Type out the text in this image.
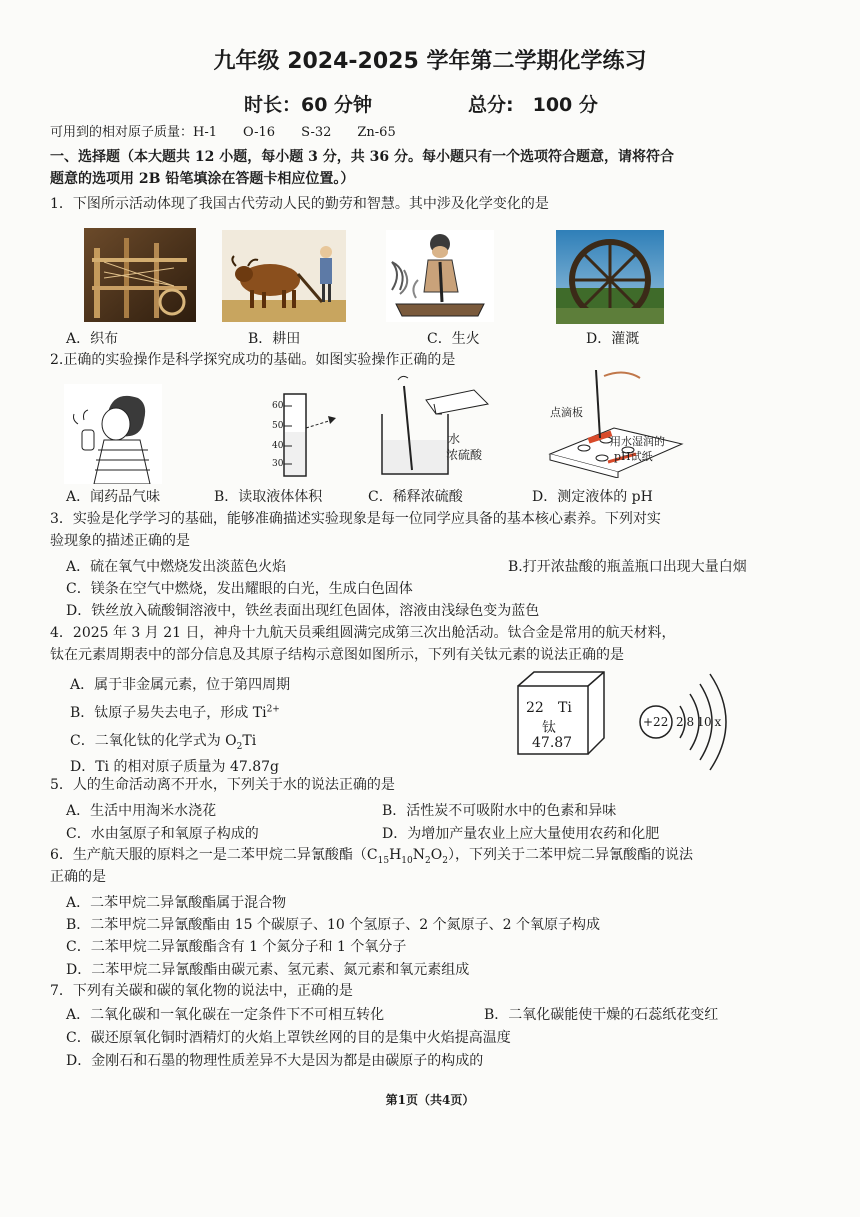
九年级 2024-2025 学年第二学期化学练习
时长：60 分钟	总分:　100 分
可用到的相对原子质量：H-1　　O-16　　S-32　　Zn-65
一、选择题（本大题共 12 小题，每小题 3 分，共 36 分。每小题只有一个选项符合题意，请将符合
题意的选项用 2B 铅笔填涂在答题卡相应位置。）
1．下图所示活动体现了我国古代劳动人民的勤劳和智慧。其中涉及化学变化的是
A．织布	B．耕田	C．生火	D．灌溉
2.正确的实验操作是科学探究成功的基础。如图实验操作正确的是
60
50
40
30
水
浓硫酸
点滴板
用水湿润的
pH试纸
A．闻药品气味	B．读取液体体积	C．稀释浓硫酸	D．测定液体的 pH
3．实验是化学学习的基础，能够准确描述实验现象是每一位同学应具备的基本核心素养。下列对实
验现象的描述正确的是
A．硫在氧气中燃烧发出淡蓝色火焰	B.打开浓盐酸的瓶盖瓶口出现大量白烟
C．镁条在空气中燃烧，发出耀眼的白光，生成白色固体
D．铁丝放入硫酸铜溶液中，铁丝表面出现红色固体，溶液由浅绿色变为蓝色
4．2025 年 3 月 21 日，神舟十九航天员乘组圆满完成第三次出舱活动。钛合金是常用的航天材料，
钛在元素周期表中的部分信息及其原子结构示意图如图所示，下列有关钛元素的说法正确的是
A．属于非金属元素，位于第四周期
B．钛原子易失去电子，形成 $Ti^{2+}$
C．二氧化钛的化学式为 $O_2Ti$
D．Ti 的相对原子质量为 47.87g
22 Ti
钛
47.87
+22 2 8 10 x
5．人的生命活动离不开水，下列关于水的说法正确的是
A．生活中用淘米水浇花	B．活性炭不可吸附水中的色素和异味
C．水由氢原子和氧原子构成的	D．为增加产量农业上应大量使用农药和化肥
6．生产航天服的原料之一是二苯甲烷二异氰酸酯$(C_{15}H_{10}N_2O_2)$，下列关于二苯甲烷二异氰酸酯的说法
正确的是
A．二苯甲烷二异氰酸酯属于混合物
B．二苯甲烷二异氰酸酯由 15 个碳原子、10 个氢原子、2 个氮原子、2 个氧原子构成
C．二苯甲烷二异氰酸酯含有 1 个氮分子和 1 个氧分子
D．二苯甲烷二异氰酸酯由碳元素、氢元素、氮元素和氧元素组成
7．下列有关碳和碳的氧化物的说法中，正确的是
A．二氧化碳和一氧化碳在一定条件下不可相互转化	B．二氧化碳能使干燥的石蕊纸花变红
C．碳还原氧化铜时酒精灯的火焰上罩铁丝网的目的是集中火焰提高温度
D．金刚石和石墨的物理性质差异不大是因为都是由碳原子的构成的
第1页（共4页）
